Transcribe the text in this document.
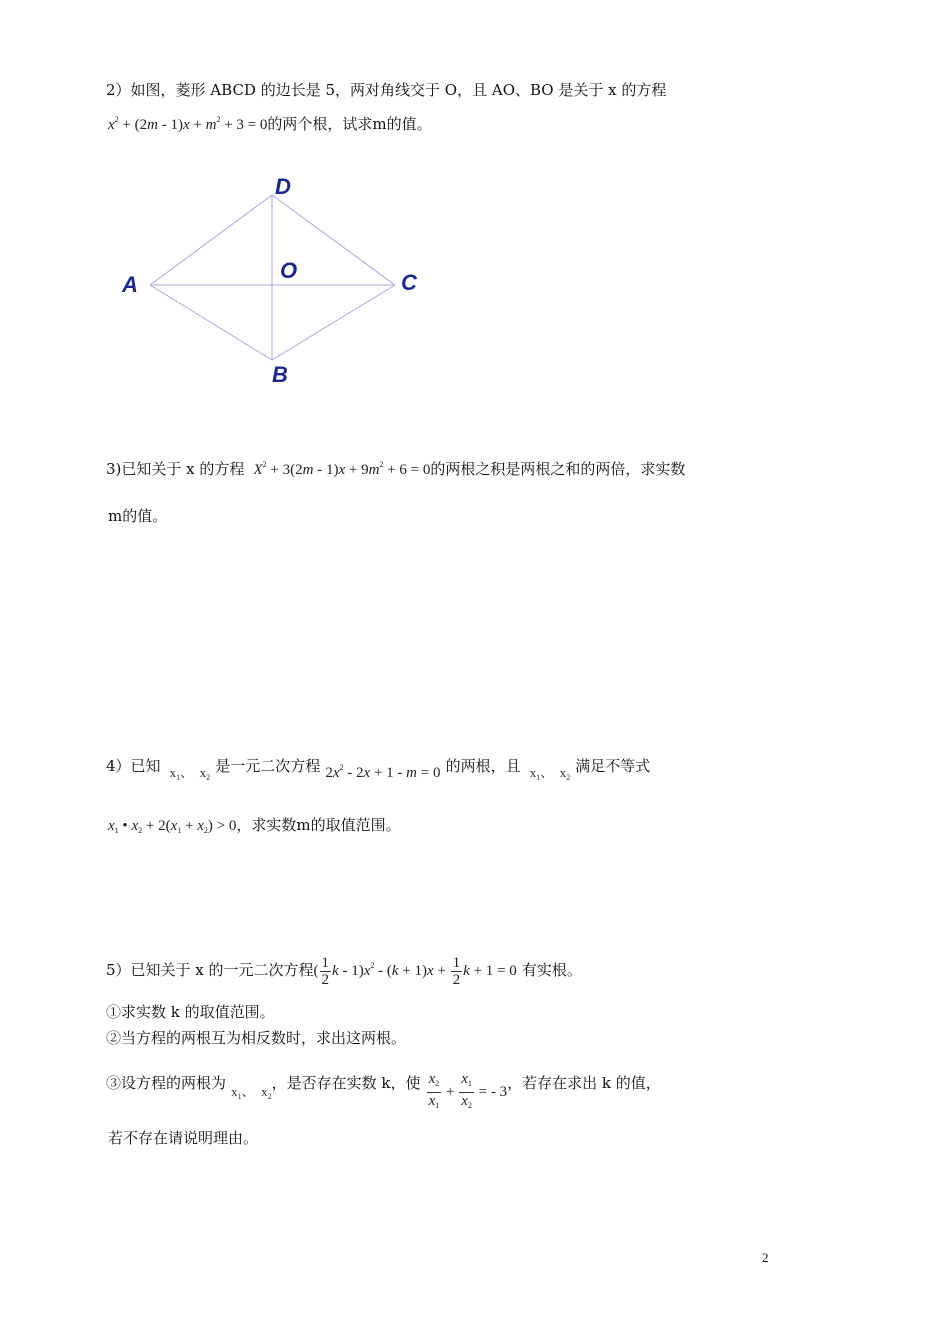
2）如图，菱形 ABCD 的边长是 5，两对角线交于 O，且 AO、BO 是关于 x 的方程
$x^2 + (2m - 1)x + m^2 + 3 = 0$的两个根，试求m的值。
A
D
C
B
O
3)已知关于 x 的方程 $X^2 + 3(2m - 1)x + 9m^2 + 6 = 0$的两根之积是两根之和的两倍，求实数
m的值。
4）已知 $_{x_1、 x_2}$ 是一元二次方程 $2x^2 - 2x + 1 - m = 0$ 的两根，且 $_{x_1、 x_2}$ 满足不等式
$x_1$ • $x_2 + 2(x_1 + x_2) > 0$，求实数m的取值范围。
5）已知关于 x 的一元二次方程( $\frac{1}{2}$ $k - 1)x^2 - (k + 1)x + \frac{1}{2}$ k + 1 = 0 有实根。
①求实数 k 的取值范围。
②当方程的两根互为相反数时，求出这两根。
③设方程的两根为 $_{x_1、 x_2}$，是否存在实数 k，使 $\frac{x_2}{x_1} + \frac{x_1}{x_2}$ = - 3，若存在求出 k 的值，
若不存在请说明理由。
2
